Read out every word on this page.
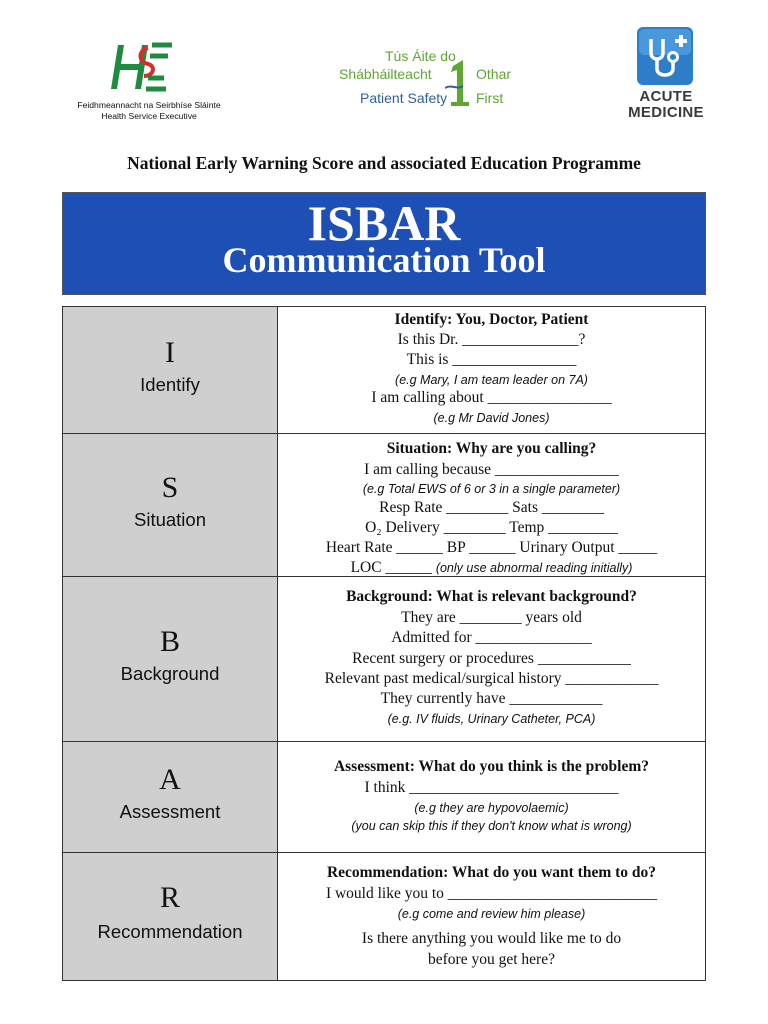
Feidhmeannacht na Seirbhíse Sláinte
Health Service Executive
Tús Áite do
Shábháilteacht	Othar
Patient Safety First	ACUTE
MEDICINE
National Early Warning Score and associated Education Programme
ISBAR
Communication Tool
I
Identify
Identify: You, Doctor, Patient
Is this Dr. _______________?
This is ________________
(e.g Mary, I am team leader on 7A)
I am calling about ________________
(e.g Mr David Jones)
S
Situation
Situation: Why are you calling?
I am calling because ________________
(e.g Total EWS of 6 or 3 in a single parameter)
Resp Rate ________ Sats ________
O₂ Delivery ________ Temp _________
Heart Rate ______ BP ______ Urinary Output _____
LOC ______ (only use abnormal reading initially)
B
Background
Background: What is relevant background?
They are ________ years old
Admitted for _______________
Recent surgery or procedures ____________
Relevant past medical/surgical history ____________
They currently have ____________
(e.g. IV fluids, Urinary Catheter, PCA)
A
Assessment
Assessment: What do you think is the problem?
I think ___________________________
(e.g they are hypovolaemic)
(you can skip this if they don't know what is wrong)
R
Recommendation
Recommendation: What do you want them to do?
I would like you to ___________________________
(e.g come and review him please)
Is there anything you would like me to do
before you get here?
